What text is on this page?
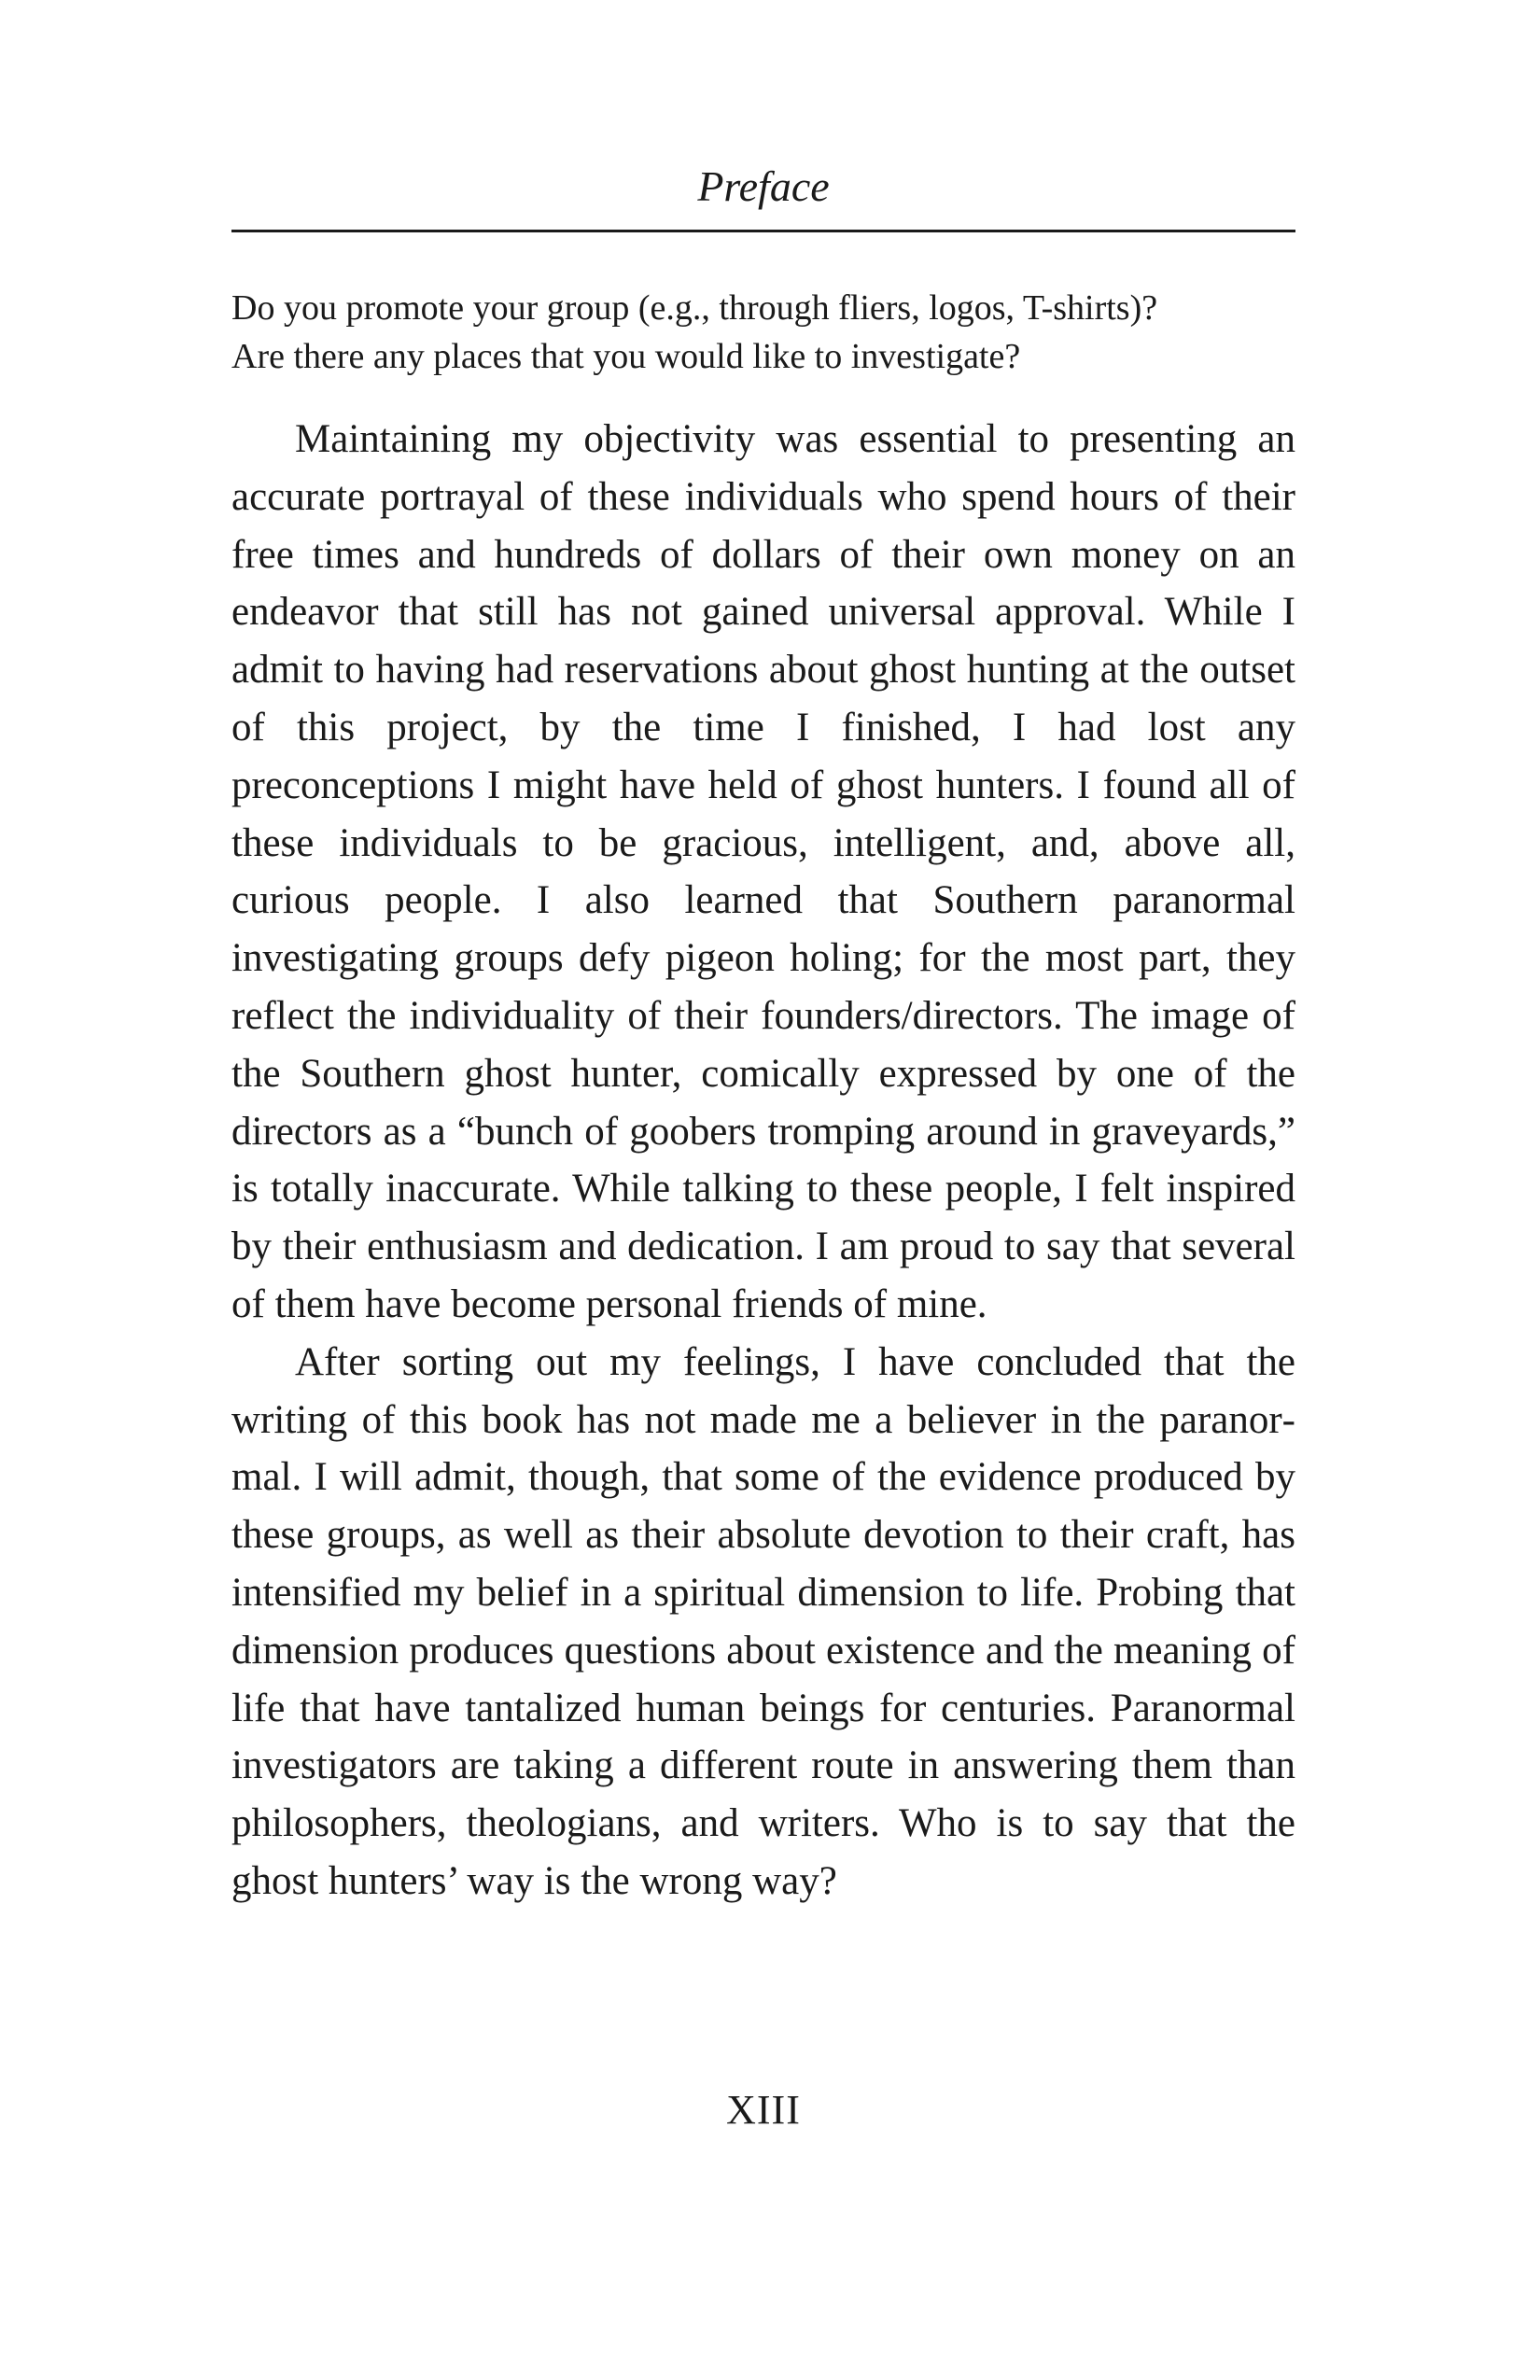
Preface
Do you promote your group (e.g., through fliers, logos, T-shirts)?
Are there any places that you would like to investigate?

Maintaining my objectivity was essential to presenting an accurate portrayal of these individuals who spend hours of their free times and hundreds of dollars of their own money on an endeavor that still has not gained universal approval. While I admit to having had reservations about ghost hunting at the outset of this project, by the time I finished, I had lost any preconceptions I might have held of ghost hunters. I found all of these individuals to be gracious, intelligent, and, above all, curious people. I also learned that Southern paranormal investigating groups defy pigeon holing; for the most part, they reflect the individuality of their founders/directors. The image of the Southern ghost hunter, comically expressed by one of the directors as a “bunch of goobers tromping around in graveyards,” is totally inaccurate. While talking to these people, I felt inspired by their enthusiasm and dedication. I am proud to say that several of them have become personal friends of mine.

After sorting out my feelings, I have concluded that the writing of this book has not made me a believer in the paranormal. I will admit, though, that some of the evidence produced by these groups, as well as their absolute devotion to their craft, has intensified my belief in a spiritual dimension to life. Probing that dimension produces questions about existence and the meaning of life that have tantalized human beings for centuries. Paranormal investigators are taking a different route in answering them than philosophers, theologians, and writers. Who is to say that the ghost hunters’ way is the wrong way?

XIII
